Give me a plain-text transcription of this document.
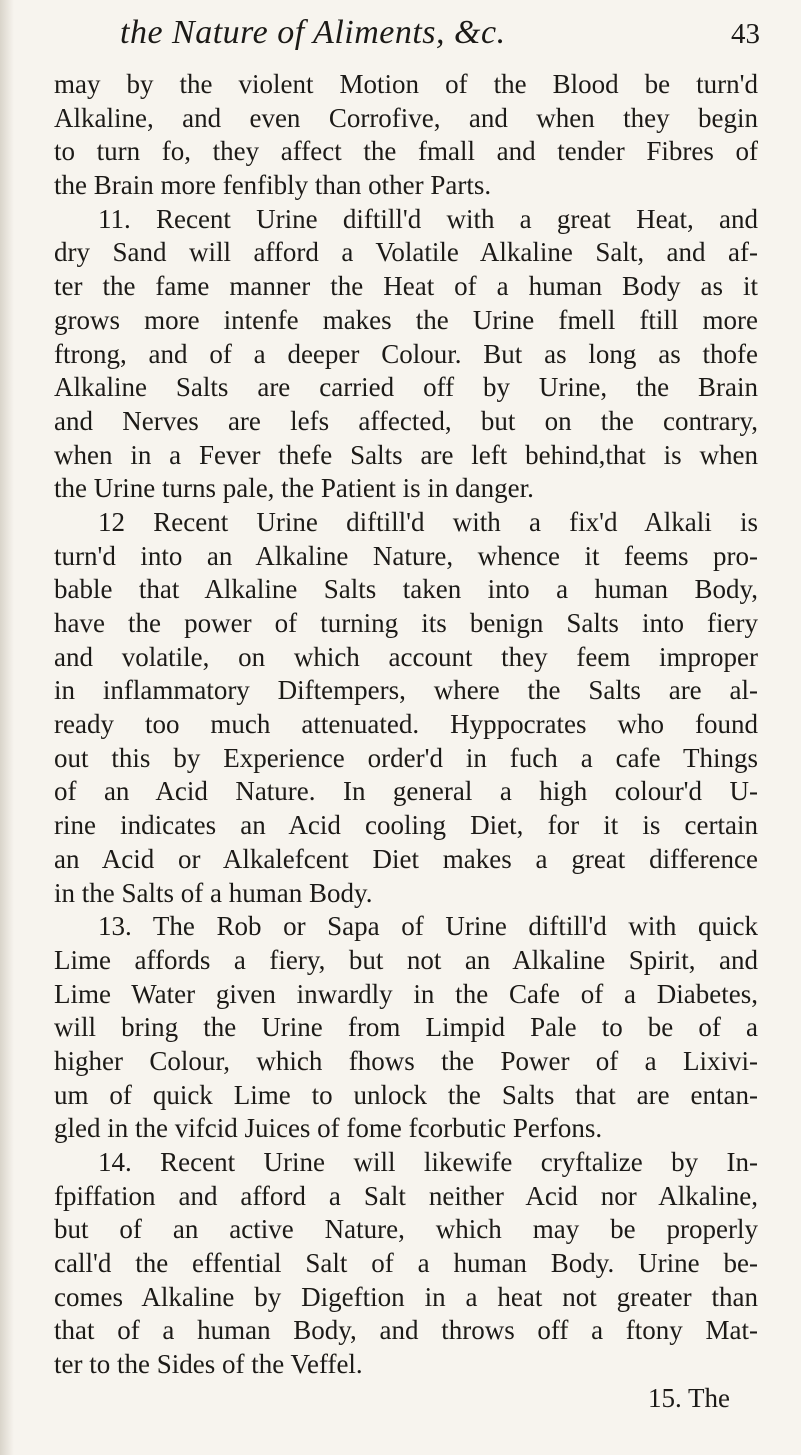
the Nature of Aliments, &c.	43
may by the violent Motion of the Blood be turn'd
Alkaline, and even Corrofive, and when they begin
to turn fo, they affect the fmall and tender Fibres of
the Brain more fenfibly than other Parts.
11. Recent Urine diftill'd with a great Heat, and
dry Sand will afford a Volatile Alkaline Salt, and af-
ter the fame manner the Heat of a human Body as it
grows more intenfe makes the Urine fmell ftill more
ftrong, and of a deeper Colour. But as long as thofe
Alkaline Salts are carried off by Urine, the Brain
and Nerves are lefs affected, but on the contrary,
when in a Fever thefe Salts are left behind,that is when
the Urine turns pale, the Patient is in danger.
12 Recent Urine diftill'd with a fix'd Alkali is
turn'd into an Alkaline Nature, whence it feems pro-
bable that Alkaline Salts taken into a human Body,
have the power of turning its benign Salts into fiery
and volatile, on which account they feem improper
in inflammatory Diftempers, where the Salts are al-
ready too much attenuated. Hyppocrates who found
out this by Experience order'd in fuch a cafe Things
of an Acid Nature. In general a high colour'd U-
rine indicates an Acid cooling Diet, for it is certain
an Acid or Alkalefcent Diet makes a great difference
in the Salts of a human Body.
13. The Rob or Sapa of Urine diftill'd with quick
Lime affords a fiery, but not an Alkaline Spirit, and
Lime Water given inwardly in the Cafe of a Diabetes,
will bring the Urine from Limpid Pale to be of a
higher Colour, which fhows the Power of a Lixivi-
um of quick Lime to unlock the Salts that are entan-
gled in the vifcid Juices of fome fcorbutic Perfons.
14. Recent Urine will likewife cryftalize by In-
fpiffation and afford a Salt neither Acid nor Alkaline,
but of an active Nature, which may be properly
call'd the effential Salt of a human Body. Urine be-
comes Alkaline by Digeftion in a heat not greater than
that of a human Body, and throws off a ftony Mat-
ter to the Sides of the Veffel.
15. The
